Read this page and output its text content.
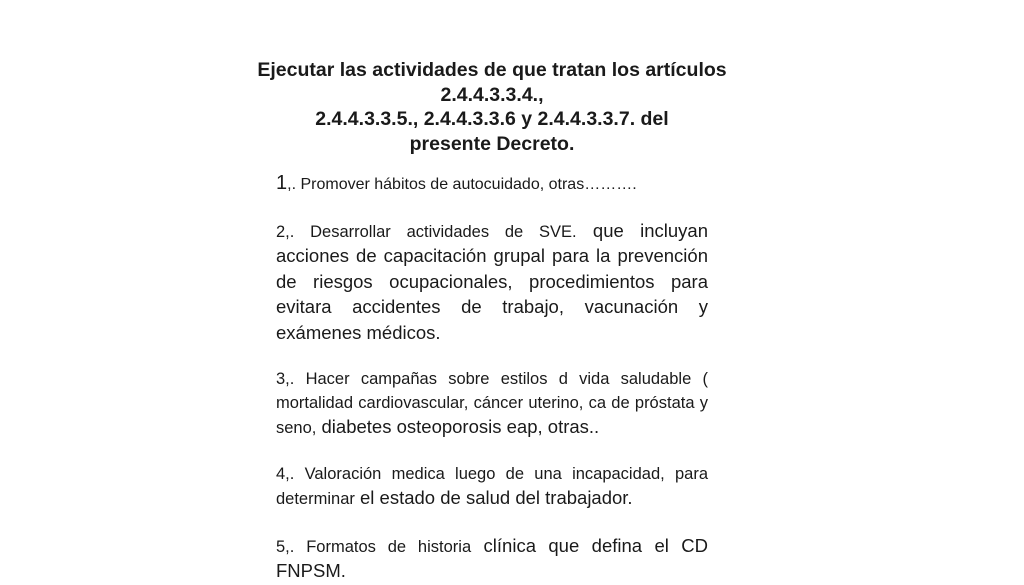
Ejecutar las actividades de que tratan los artículos
2.4.4.3.3.4.,
2.4.4.3.3.5., 2.4.4.3.3.6 y 2.4.4.3.3.7. del
presente Decreto.

1,. Promover hábitos de autocuidado, otras……….

2,. Desarrollar actividades de SVE. que incluyan acciones de capacitación grupal para la prevención de riesgos ocupacionales, procedimientos para evitara accidentes de trabajo, vacunación y exámenes médicos.

3,. Hacer campañas sobre estilos d vida saludable ( mortalidad cardiovascular, cáncer uterino, ca de próstata y seno, diabetes osteoporosis eap, otras..

4,. Valoración medica luego de una incapacidad, para determinar el estado de salud del trabajador.

5,. Formatos de historia clínica que defina el CD FNPSM.
